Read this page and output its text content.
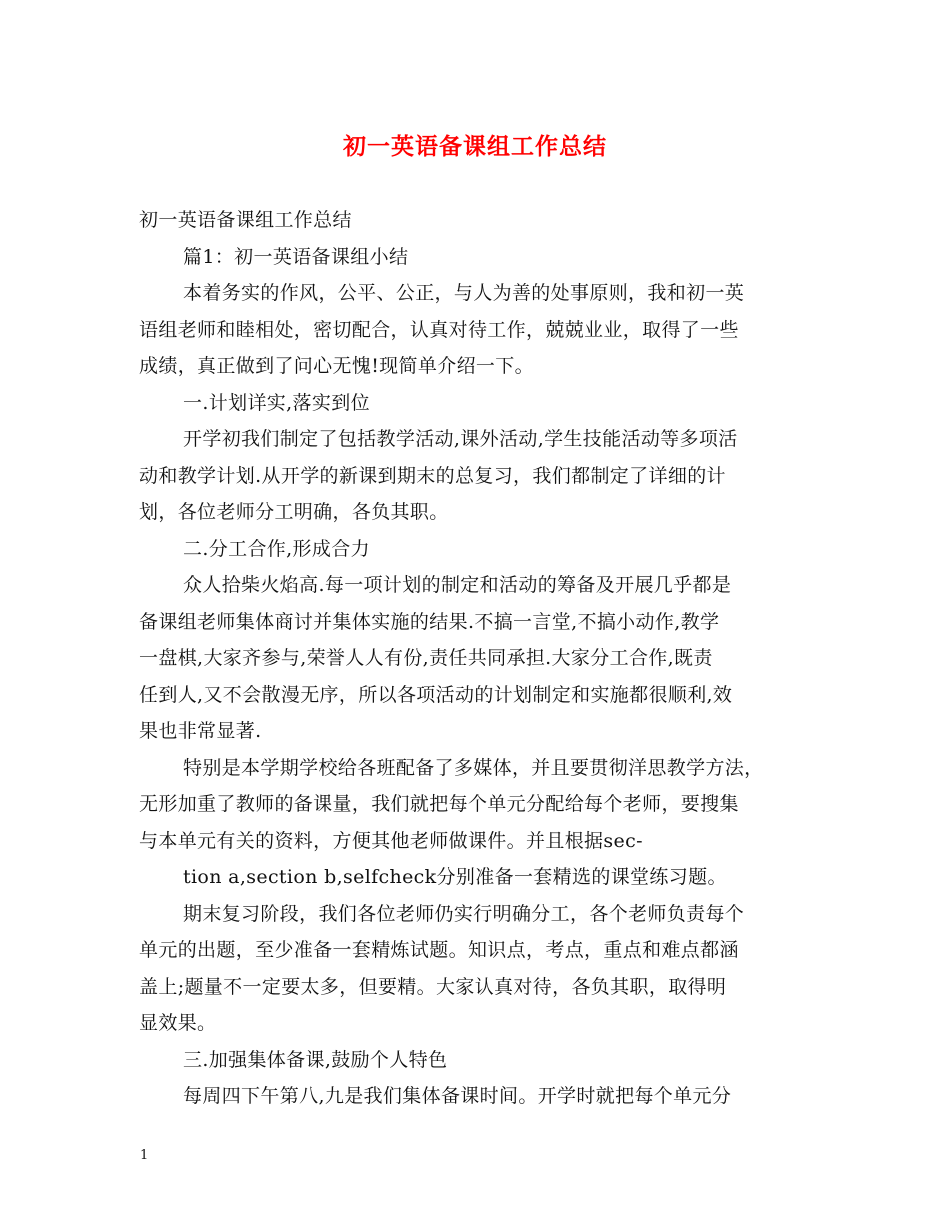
初一英语备课组工作总结
初一英语备课组工作总结
篇1：初一英语备课组小结
本着务实的作风，公平、公正，与人为善的处事原则，我和初一英
语组老师和睦相处，密切配合，认真对待工作，兢兢业业，取得了一些
成绩，真正做到了问心无愧!现简单介绍一下。
一.计划详实,落实到位
开学初我们制定了包括教学活动,课外活动,学生技能活动等多项活
动和教学计划.从开学的新课到期末的总复习，我们都制定了详细的计
划，各位老师分工明确，各负其职。
二.分工合作,形成合力
众人拾柴火焰高.每一项计划的制定和活动的筹备及开展几乎都是
备课组老师集体商讨并集体实施的结果.不搞一言堂,不搞小动作,教学
一盘棋,大家齐参与,荣誉人人有份,责任共同承担.大家分工合作,既责
任到人,又不会散漫无序，所以各项活动的计划制定和实施都很顺利,效
果也非常显著.
特别是本学期学校给各班配备了多媒体，并且要贯彻洋思教学方法，
无形加重了教师的备课量，我们就把每个单元分配给每个老师，要搜集
与本单元有关的资料，方便其他老师做课件。并且根据sec-
tion a,section b,selfcheck分别准备一套精选的课堂练习题。
期末复习阶段，我们各位老师仍实行明确分工，各个老师负责每个
单元的出题，至少准备一套精炼试题。知识点，考点，重点和难点都涵
盖上;题量不一定要太多，但要精。大家认真对待，各负其职，取得明
显效果。
三.加强集体备课,鼓励个人特色
每周四下午第八,九是我们集体备课时间。开学时就把每个单元分
1
